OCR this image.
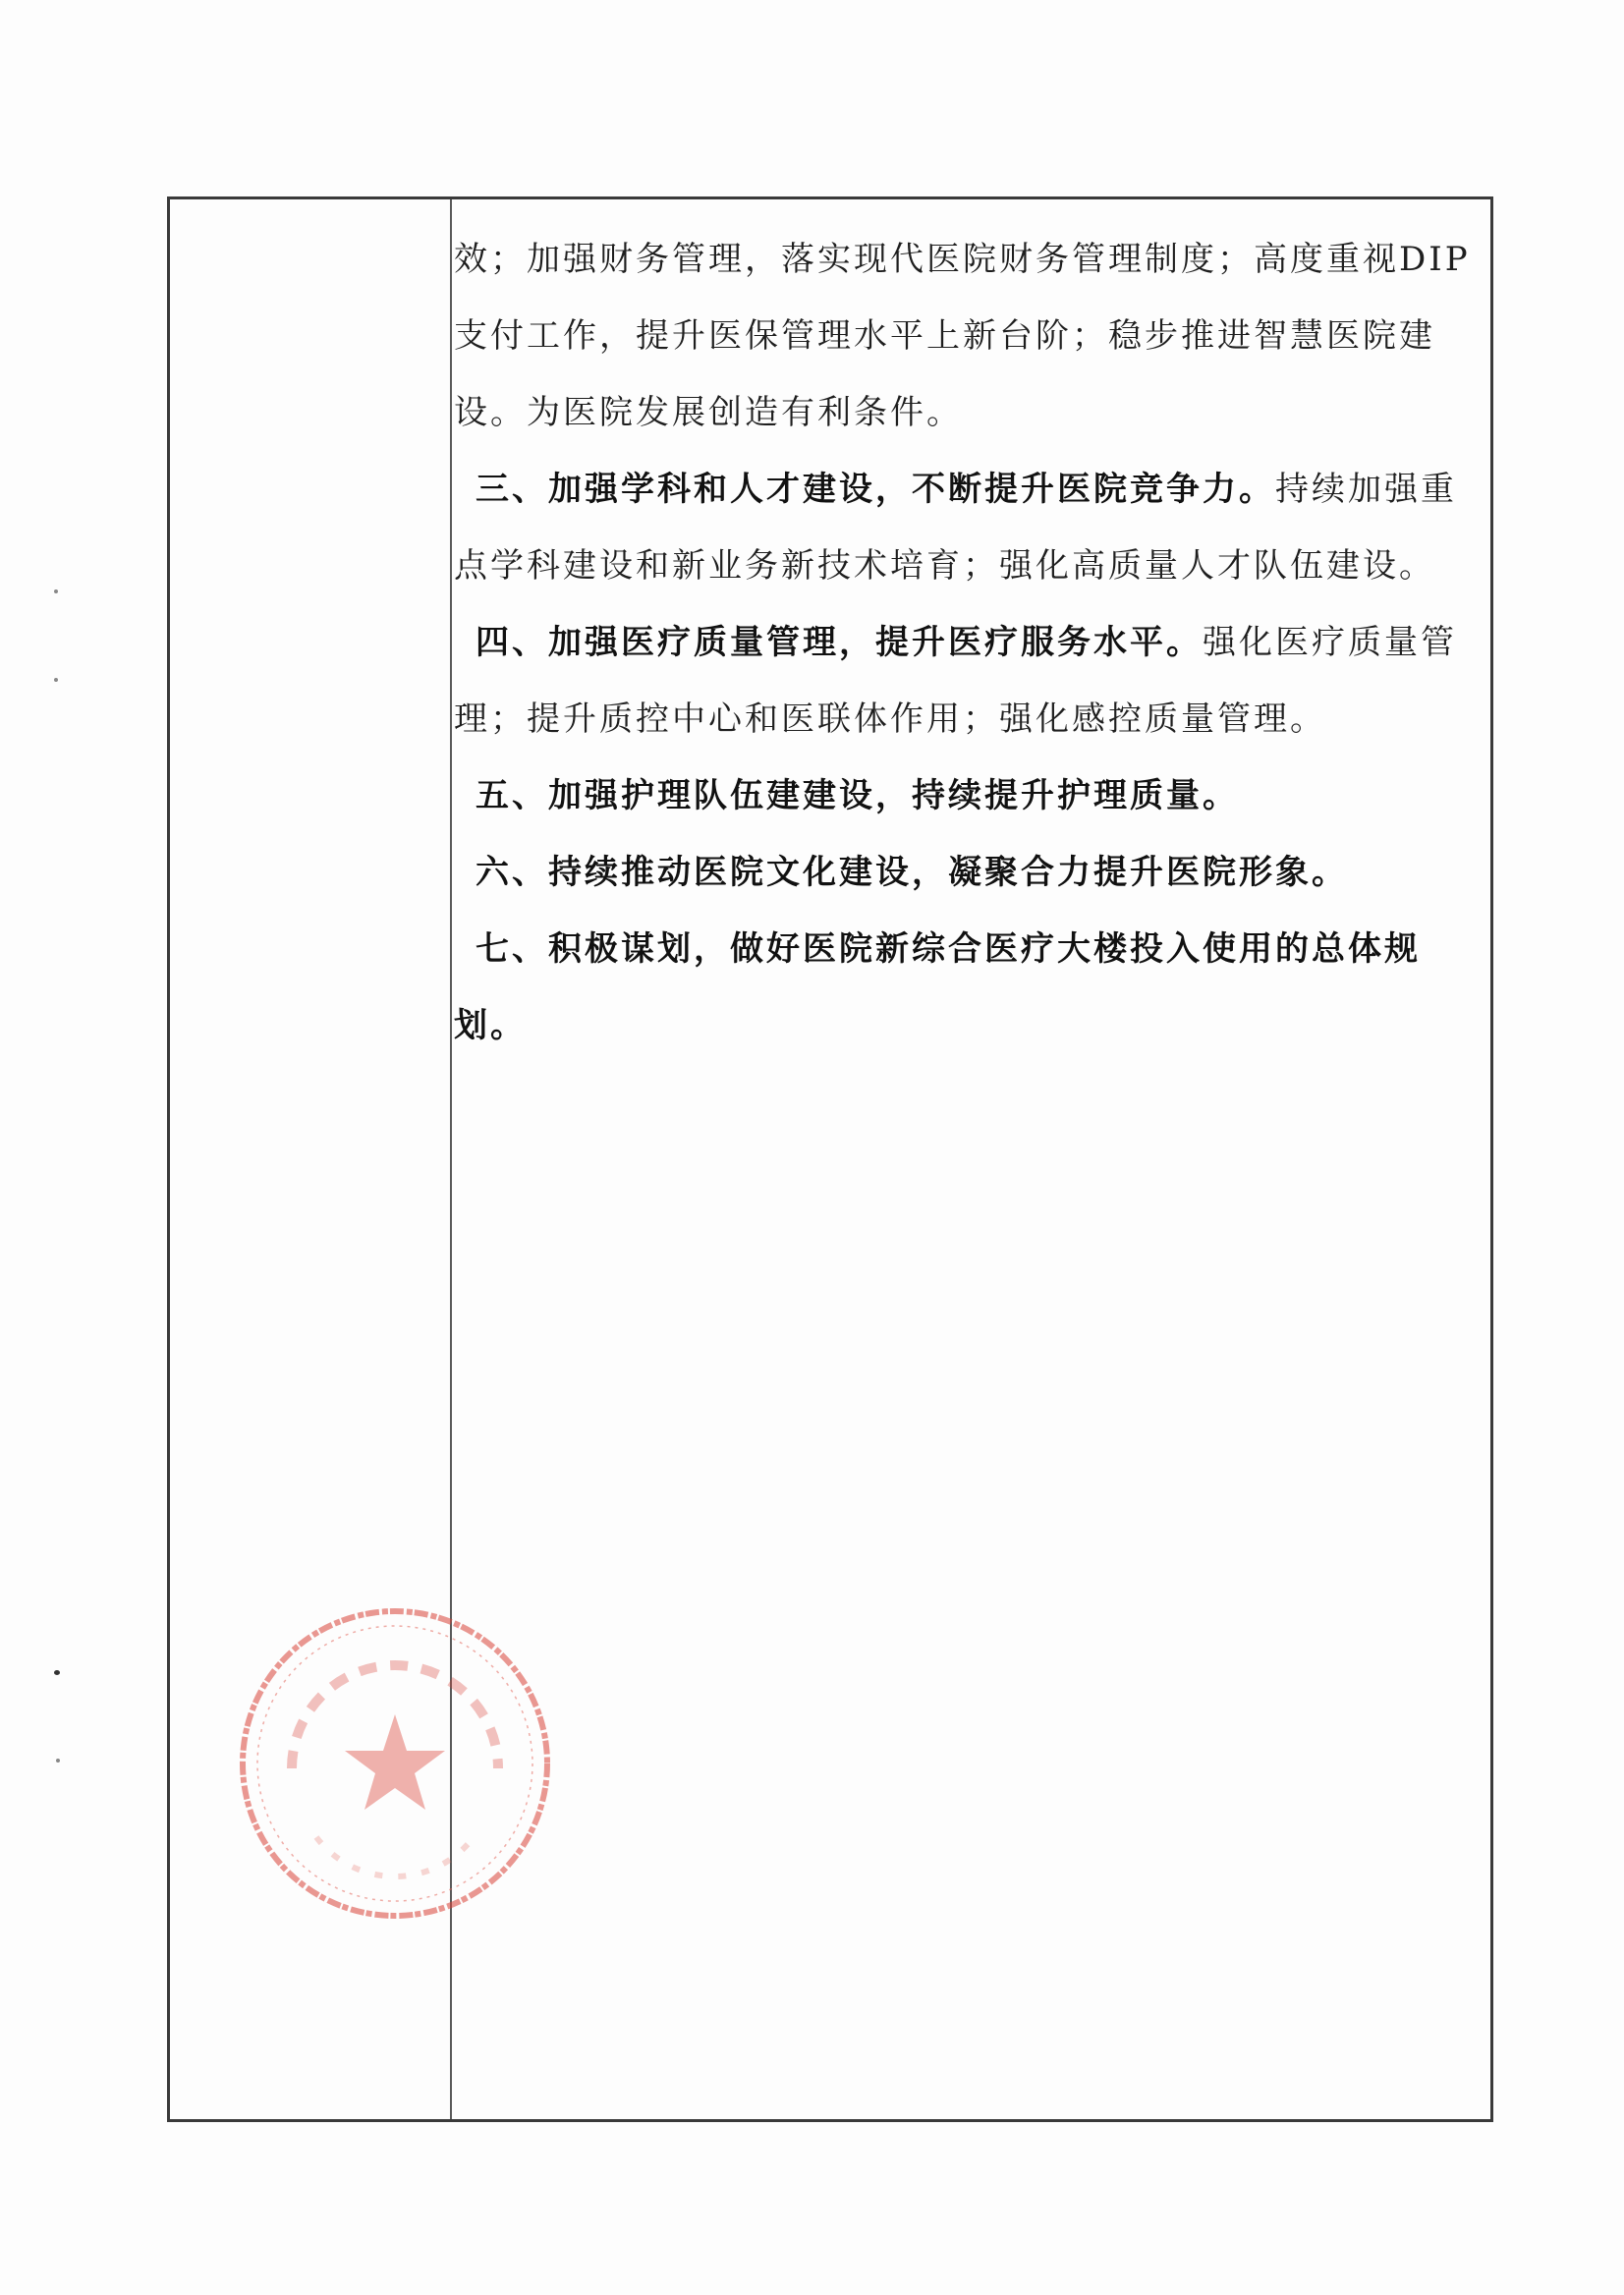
效；加强财务管理，落实现代医院财务管理制度；高度重视DIP 支付工作，提升医保管理水平上新台阶；稳步推进智慧医院建设。为医院发展创造有利条件。

三、加强学科和人才建设，不断提升医院竞争力。持续加强重点学科建设和新业务新技术培育；强化高质量人才队伍建设。

四、加强医疗质量管理，提升医疗服务水平。强化医疗质量管理；提升质控中心和医联体作用；强化感控质量管理。

五、加强护理队伍建建设，持续提升护理质量。

六、持续推动医院文化建设，凝聚合力提升医院形象。

七、积极谋划，做好医院新综合医疗大楼投入使用的总体规划。
